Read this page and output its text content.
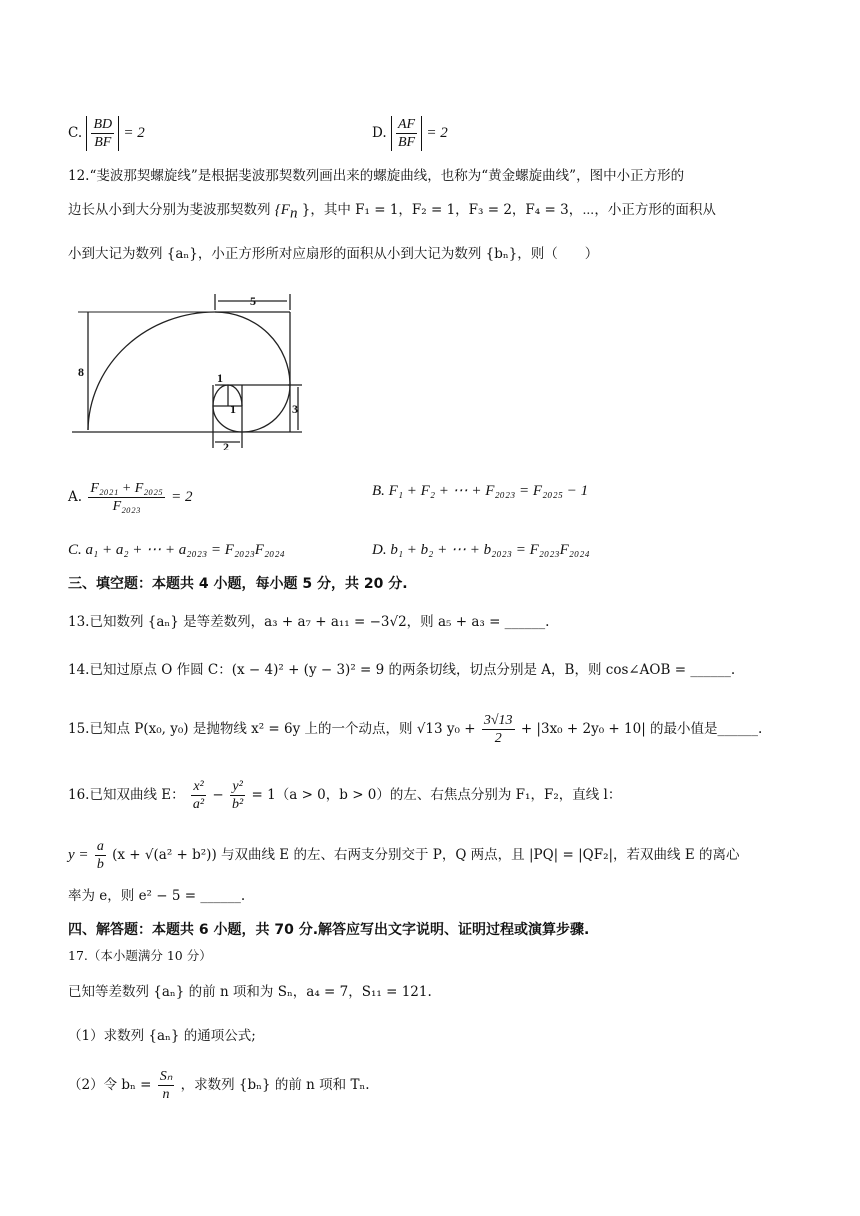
C. $\frac{BD}{BF} = 2$	D. $\frac{AF}{BF} = 2$
12.“斐波那契螺旋线”是根据斐波那契数列画出来的螺旋曲线，也称为“黄金螺旋曲线”，图中小正方形的
边长从小到大分别为斐波那契数列 {$F_n$ }，其中 F₁ = 1，F₂ = 1，F₃ = 2，F₄ = 3，⋯，小正方形的面积从
小到大记为数列 {aₙ}，小正方形所对应扇形的面积从小到大记为数列 {bₙ}，则（　　）
5
8
3
2
1
1
A. $\frac{\text{F₂₀₂₁ + F₂₀₂₅}}{\text{F₂₀₂₃}} = 2$	B. F₁ + F₂ + ⋯ + F₂₀₂₃ = F₂₀₂₅ − 1
C. a₁ + a₂ + ⋯ + a₂₀₂₃ = F₂₀₂₃F₂₀₂₄	D. b₁ + b₂ + ⋯ + b₂₀₂₃ = F₂₀₂₃F₂₀₂₄
三、填空题：本题共 4 小题，每小题 5 分，共 20 分.
13.已知数列 {aₙ} 是等差数列，a₃ + a₇ + a₁₁ = −3√2，则 a₅ + a₃ = ______.
14.已知过原点 O 作圆 C：(x − 4)² + (y − 3)² = 9 的两条切线，切点分别是 A，B，则 cos∠AOB = ______.
15.已知点 P(x₀, y₀) 是抛物线 x² = 6y 上的一个动点，则 √13 $y_0 + \frac{3√13}{2} + |3x_0 + 2y_0 + 10|$ 的最小值是______.
16.已知双曲线 E： $\frac{\text{x²}}{\text{a²}} - \frac{\text{y²}}{\text{b²}} = 1(a > 0$，b > 0）的左、右焦点分别为 F₁，F₂，直线 l：
$y = \frac{a}{b} (x + √(a^2 + b^2))$ 与双曲线 E 的左、右两支分别交于 P，Q 两点，且 |PQ| = |QF₂|，若双曲线 E 的离心
率为 e，则 e² − 5 = ______.
四、解答题：本题共 6 小题，共 70 分.解答应写出文字说明、证明过程或演算步骤.
17.（本小题满分 10 分）
已知等差数列 {aₙ} 的前 n 项和为 Sₙ，a₄ = 7，S₁₁ = 121.
（1）求数列 {aₙ} 的通项公式;
（2）令 $b_n = \frac{\text{Sₙ}}{n}$ ，求数列 {bₙ} 的前 n 项和 Tₙ.
